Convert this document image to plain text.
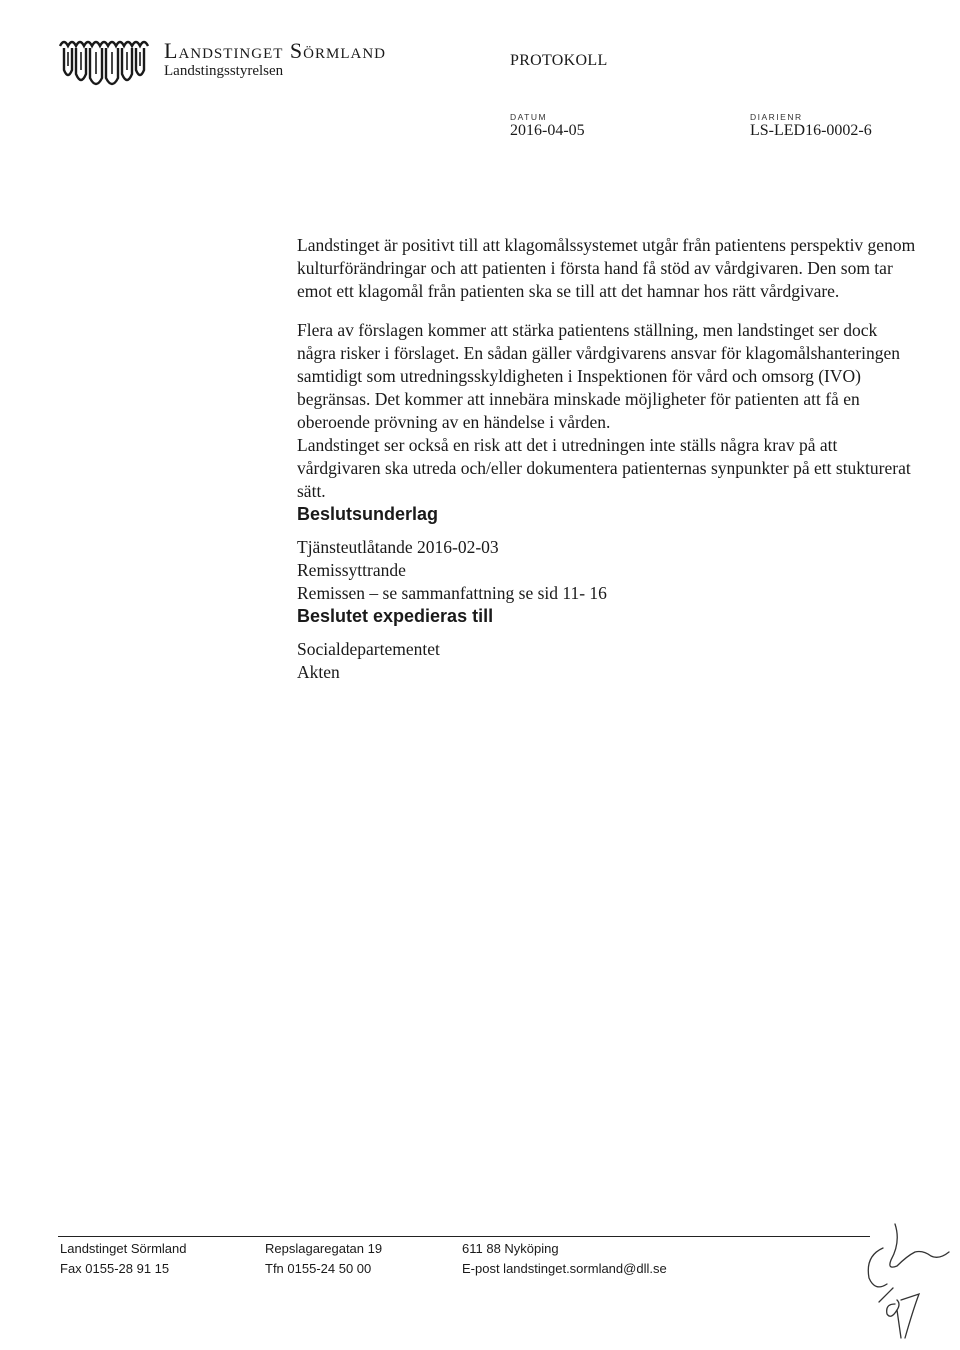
Landstinget Sörmland
Landstingsstyrelsen
PROTOKOLL
DATUM
2016-04-05
DIARIENR
LS-LED16-0002-6

Landstinget är positivt till att klagomålssystemet utgår från patientens perspektiv genom kulturförändringar och att patienten i första hand få stöd av vårdgivaren. Den som tar emot ett klagomål från patienten ska se till att det hamnar hos rätt vårdgivare.

Flera av förslagen kommer att stärka patientens ställning, men landstinget ser dock några risker i förslaget. En sådan gäller vårdgivarens ansvar för klagomålshanteringen samtidigt som utredningsskyldigheten i Inspektionen för vård och omsorg (IVO) begränsas. Det kommer att innebära minskade möjligheter för patienten att få en oberoende prövning av en händelse i vården.

Landstinget ser också en risk att det i utredningen inte ställs några krav på att vårdgivaren ska utreda och/eller dokumentera patienternas synpunkter på ett stukturerat sätt.

Beslutsunderlag
Tjänsteutlåtande 2016-02-03
Remissyttrande
Remissen – se sammanfattning se sid 11- 16
Beslutet expedieras till
Socialdepartementet
Akten
Landstinget Sörmland
Fax 0155-28 91 15
Repslagaregatan 19
Tfn 0155-24 50 00
611 88 Nyköping
E-post landstinget.sormland@dll.se
